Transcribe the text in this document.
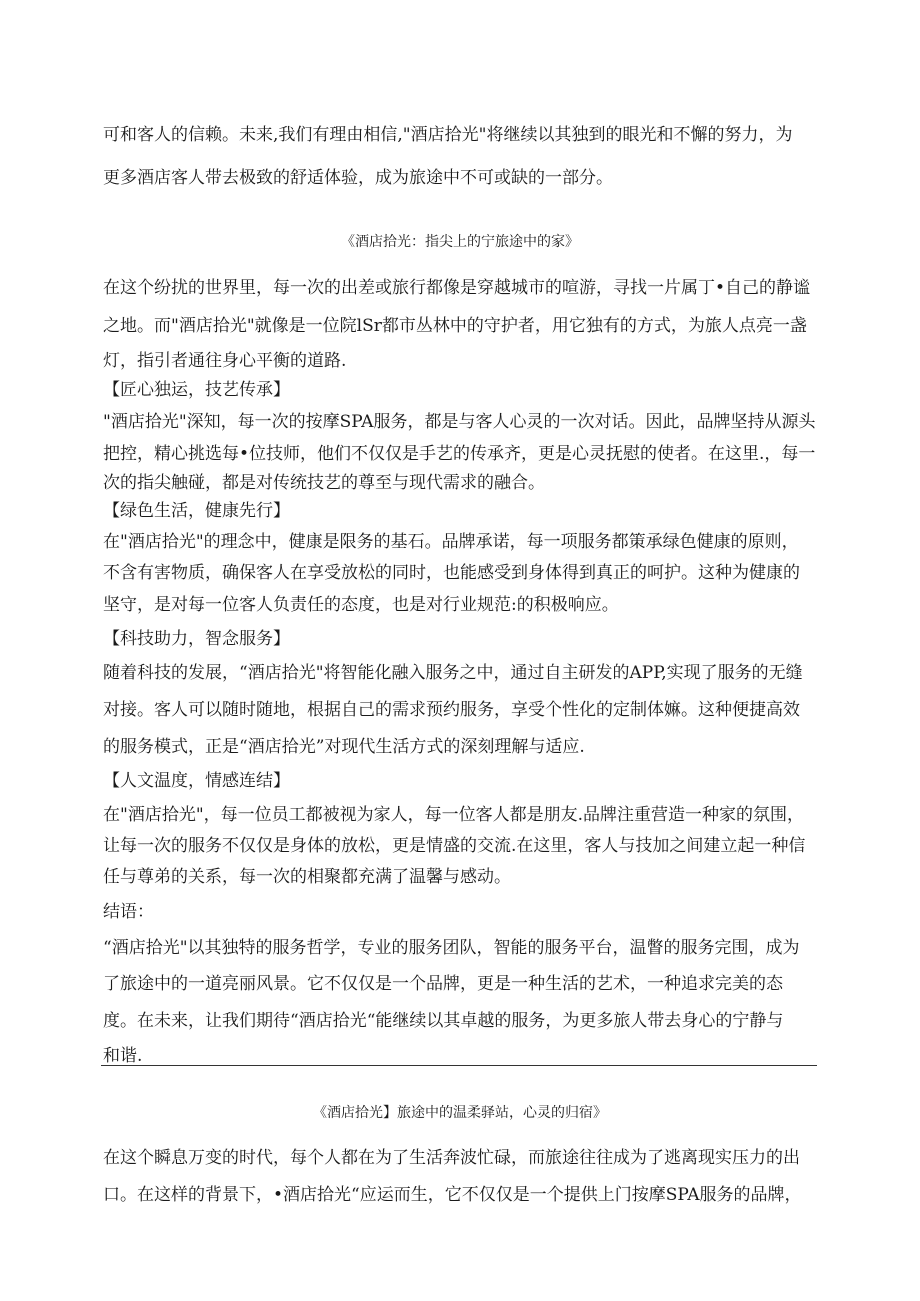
可和客人的信赖。未来,我们有理由相信,"酒店拾光"将继续以其独到的眼光和不懈的努力，为
更多酒店客人带去极致的舒适体验，成为旅途中不可或缺的一部分。
《酒店拾光：指尖上的宁旅途中的家》
在这个纷扰的世界里，每一次的出差或旅行都像是穿越城市的喧游，寻找一片属丁•自己的静谧
之地。而"酒店拾光"就像是一位院lSr都市丛林中的守护者，用它独有的方式，为旅人点亮一盏
灯，指引者通往身心平衡的道路.
【匠心独运，技艺传承】
"酒店拾光"深知，每一次的按摩SPA服务，都是与客人心灵的一次对话。因此，品牌坚持从源头
把控，精心挑选每•位技师，他们不仅仅是手艺的传承齐，更是心灵抚慰的使者。在这里.，每一
次的指尖触碰，都是对传统技艺的尊至与现代需求的融合。
【绿色生活，健康先行】
在"酒店拾光"的理念中，健康是限务的基石。品牌承诺，每一项服务都策承绿色健康的原则，
不含有害物质，确保客人在享受放松的同时，也能感受到身体得到真正的呵护。这种为健康的
坚守，是对每一位客人负责任的态度，也是对行业规范:的积极响应。
【科技助力，智念服务】
随着科技的发展，“酒店拾光"将智能化融入服务之中，通过自主研发的APP,实现了服务的无缝
对接。客人可以随时随地，根据自己的需求预约服务，享受个性化的定制体嫲。这种便捷高效
的服务模式，正是“酒店拾光”对现代生活方式的深刻理解与适应.
【人文温度，情感连结】
在"酒店拾光"，每一位员工都被视为家人，每一位客人都是朋友.品牌注重营造一种家的氛围，
让每一次的服务不仅仅是身体的放松，更是情盛的交流.在这里，客人与技加之间建立起一种信
任与尊弟的关系，每一次的相聚都充满了温馨与感动。
结语：
“酒店拾光"以其独特的服务哲学，专业的服务团队，智能的服务平台，温瞥的服务完围，成为
了旅途中的一道亮丽风景。它不仅仅是一个品牌，更是一种生活的艺术，一种追求完美的态
度。在未来，让我们期待“酒店拾光“能继续以其卓越的服务，为更多旅人带去身心的宁静与
和谐.
《酒店拾光】旅途中的温柔驿站，心灵的归宿》
在这个瞬息万变的时代，每个人都在为了生活奔波忙碌，而旅途往往成为了逃离现实压力的出
口。在这样的背景下，•酒店拾光“应运而生，它不仅仅是一个提供上门按摩SPA服务的品牌，
